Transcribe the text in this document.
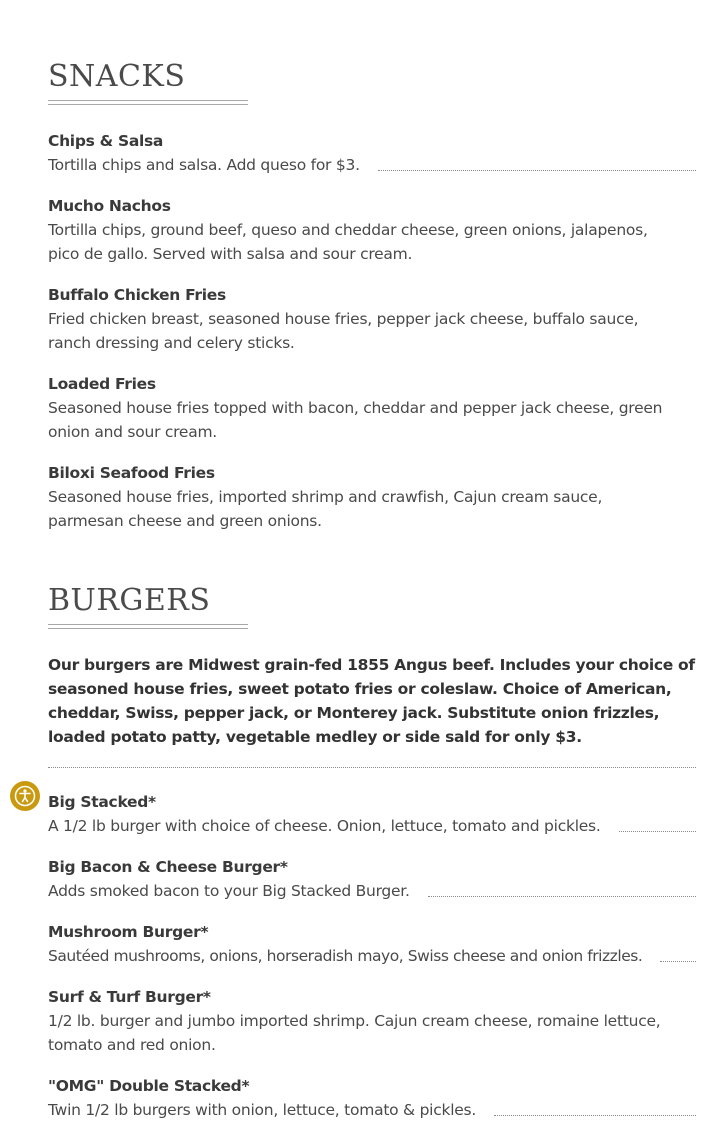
SNACKS
Chips & Salsa
Tortilla chips and salsa. Add queso for $3.
Mucho Nachos
Tortilla chips, ground beef, queso and cheddar cheese, green onions, jalapenos, pico de gallo. Served with salsa and sour cream.
Buffalo Chicken Fries
Fried chicken breast, seasoned house fries, pepper jack cheese, buffalo sauce, ranch dressing and celery sticks.
Loaded Fries
Seasoned house fries topped with bacon, cheddar and pepper jack cheese, green onion and sour cream.
Biloxi Seafood Fries
Seasoned house fries, imported shrimp and crawfish, Cajun cream sauce, parmesan cheese and green onions.
BURGERS

Our burgers are Midwest grain-fed 1855 Angus beef. Includes your choice of seasoned house fries, sweet potato fries or coleslaw. Choice of American, cheddar, Swiss, pepper jack, or Monterey jack. Substitute onion frizzles, loaded potato patty, vegetable medley or side sald for only $3.

Big Stacked*
A 1/2 lb burger with choice of cheese. Onion, lettuce, tomato and pickles.
Big Bacon & Cheese Burger*
Adds smoked bacon to your Big Stacked Burger.
Mushroom Burger*
Sautéed mushrooms, onions, horseradish mayo, Swiss cheese and onion frizzles.
Surf & Turf Burger*
1/2 lb. burger and jumbo imported shrimp. Cajun cream cheese, romaine lettuce, tomato and red onion.
"OMG" Double Stacked*
Twin 1/2 lb burgers with onion, lettuce, tomato & pickles.
